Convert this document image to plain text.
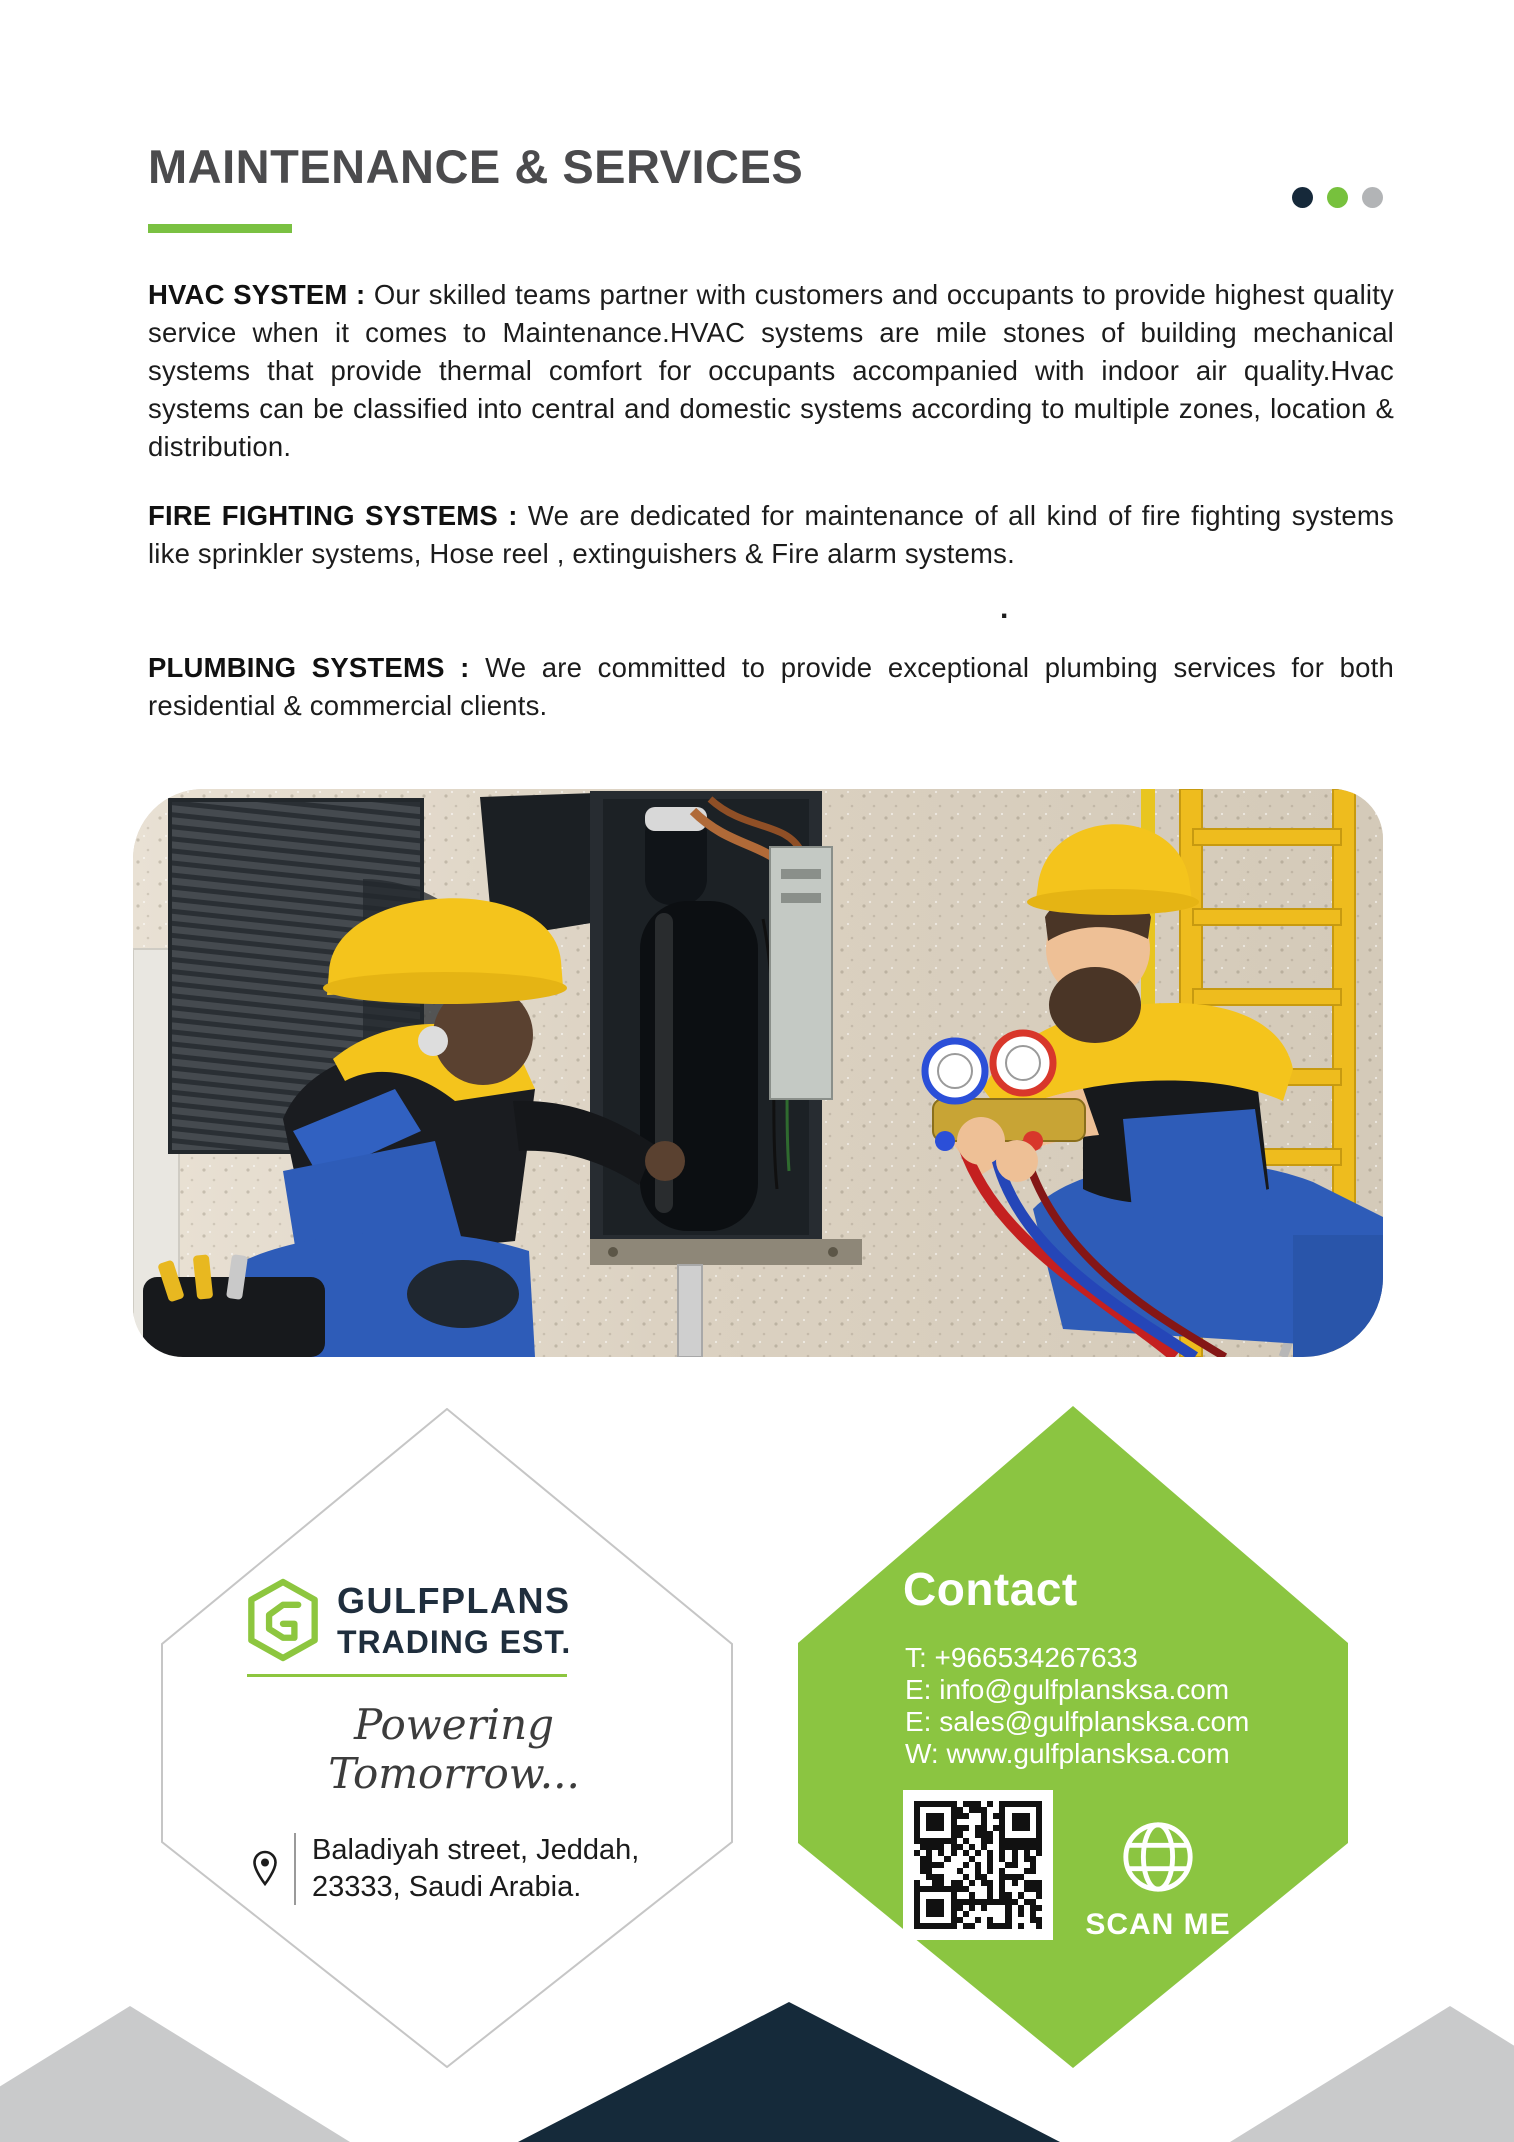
MAINTENANCE & SERVICES

HVAC SYSTEM : Our skilled teams partner with customers and occupants to provide highest quality service when it comes to Maintenance.HVAC systems are mile stones of building mechanical systems that provide thermal comfort for occupants accompanied with indoor air quality.Hvac systems can be classified into central and domestic systems according to multiple zones, location & distribution.

FIRE FIGHTING SYSTEMS : We are dedicated for maintenance of all kind of fire fighting systems like sprinkler systems, Hose reel , extinguishers & Fire alarm systems.

.

PLUMBING SYSTEMS : We are committed to provide exceptional plumbing services for both residential & commercial clients.

GULFPLANS
TRADING EST.
Powering Tomorrow...
Baladiyah street, Jeddah,
23333, Saudi Arabia.
Contact
T: +966534267633
E: info@gulfplansksa.com
E: sales@gulfplansksa.com
W: www.gulfplansksa.com
SCAN ME
